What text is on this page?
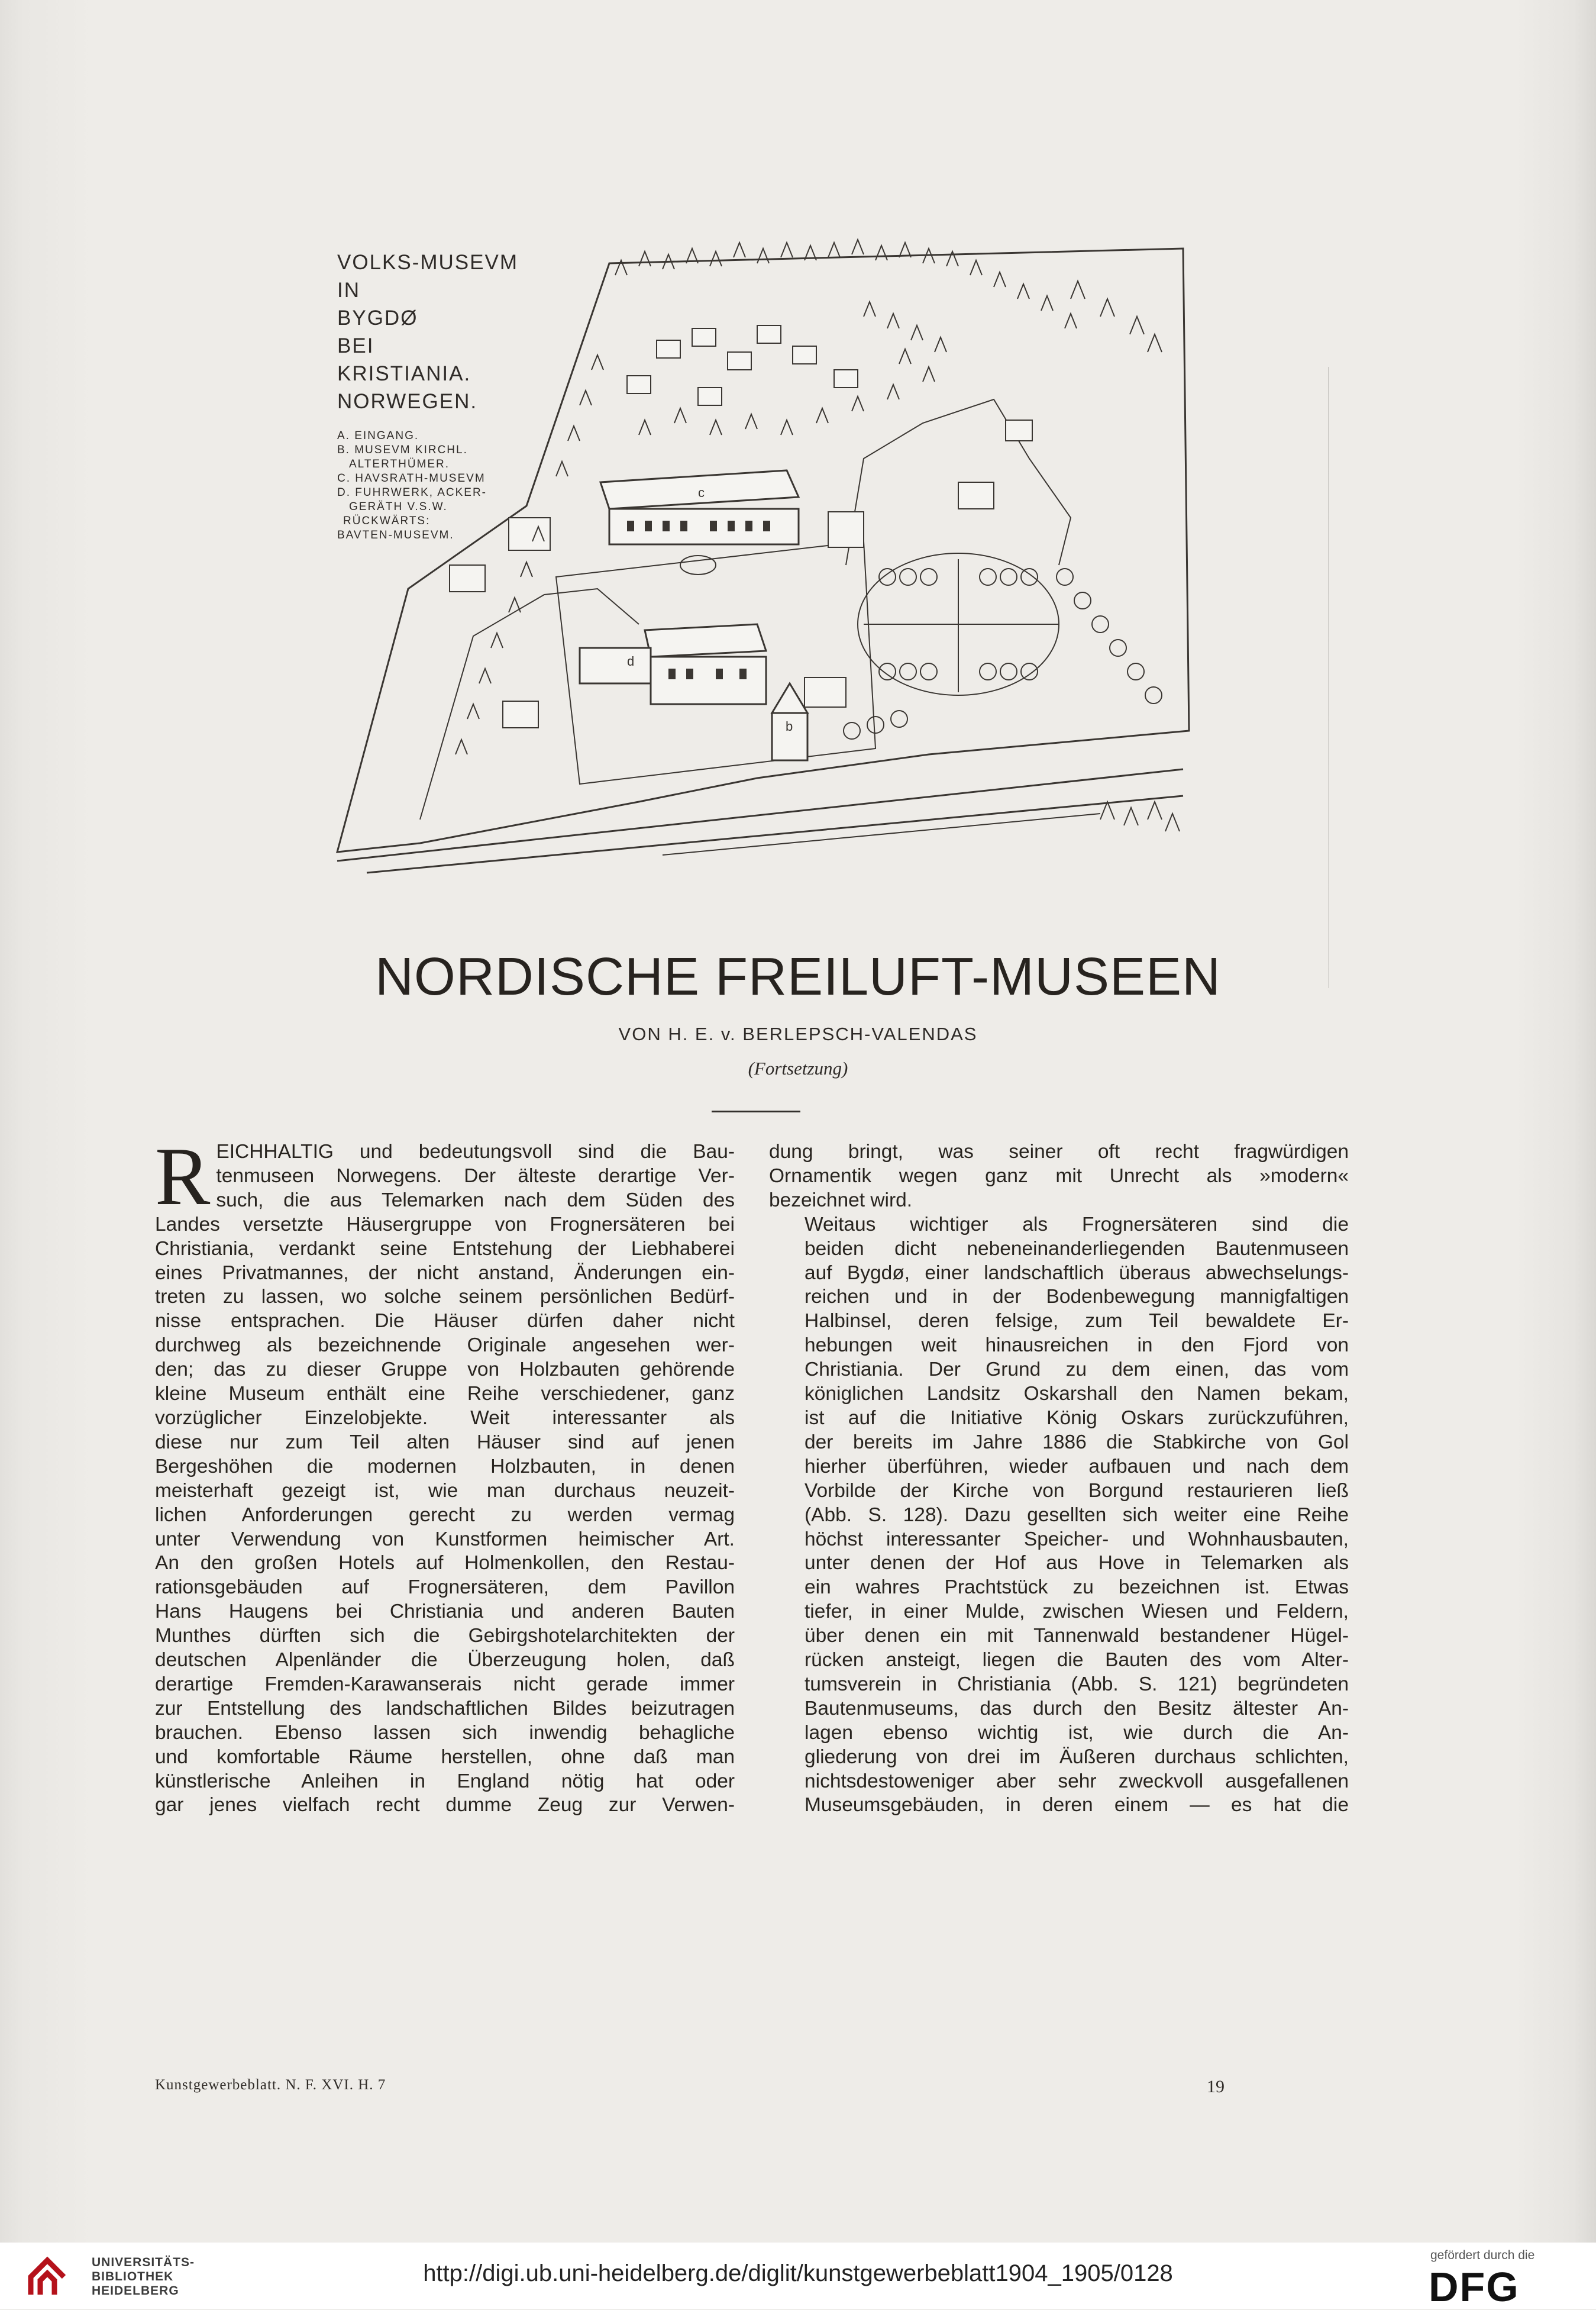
c
d
b
VOLKS-MUSEVM
IN
BYGDØ
BEI
KRISTIANIA.
NORWEGEN.
A. EINGANG.
B. MUSEVM KIRCHL.
ALTERTHÜMER.
C. HAVSRATH-MUSEVM
D. FUHRWERK, ACKER-
GERÄTH V.S.W.
RÜCKWÄRTS:
BAVTEN-MUSEVM.
NORDISCHE FREILUFT-MUSEEN
VON H. E. v. BERLEPSCH-VALENDAS
(Fortsetzung)

R EICHHALTIG und bedeutungsvoll sind die Bau-
tenmuseen Norwegens. Der älteste derartige Ver-
such, die aus Telemarken nach dem Süden des
Landes versetzte Häusergruppe von Frognersäteren bei
Christiania, verdankt seine Entstehung der Liebhaberei
eines Privatmannes, der nicht anstand, Änderungen ein-
treten zu lassen, wo solche seinem persönlichen Bedürf-
nisse entsprachen. Die Häuser dürfen daher nicht
durchweg als bezeichnende Originale angesehen wer-
den; das zu dieser Gruppe von Holzbauten gehörende
kleine Museum enthält eine Reihe verschiedener, ganz
vorzüglicher Einzelobjekte. Weit interessanter als
diese nur zum Teil alten Häuser sind auf jenen
Bergeshöhen die modernen Holzbauten, in denen
meisterhaft gezeigt ist, wie man durchaus neuzeit-
lichen Anforderungen gerecht zu werden vermag
unter Verwendung von Kunstformen heimischer Art.
An den großen Hotels auf Holmenkollen, den Restau-
rationsgebäuden auf Frognersäteren, dem Pavillon
Hans Haugens bei Christiania und anderen Bauten
Munthes dürften sich die Gebirgshotelarchitekten der
deutschen Alpenländer die Überzeugung holen, daß
derartige Fremden-Karawanserais nicht gerade immer
zur Entstellung des landschaftlichen Bildes beizutragen
brauchen. Ebenso lassen sich inwendig behagliche
und komfortable Räume herstellen, ohne daß man
künstlerische Anleihen in England nötig hat oder
gar jenes vielfach recht dumme Zeug zur Verwen-

dung bringt, was seiner oft recht fragwürdigen
Ornamentik wegen ganz mit Unrecht als »modern«
bezeichnet wird.

Weitaus wichtiger als Frognersäteren sind die
beiden dicht nebeneinanderliegenden Bautenmuseen
auf Bygdø, einer landschaftlich überaus abwechselungs-
reichen und in der Bodenbewegung mannigfaltigen
Halbinsel, deren felsige, zum Teil bewaldete Er-
hebungen weit hinausreichen in den Fjord von
Christiania. Der Grund zu dem einen, das vom
königlichen Landsitz Oskarshall den Namen bekam,
ist auf die Initiative König Oskars zurückzuführen,
der bereits im Jahre 1886 die Stabkirche von Gol
hierher überführen, wieder aufbauen und nach dem
Vorbilde der Kirche von Borgund restaurieren ließ
(Abb. S. 128). Dazu gesellten sich weiter eine Reihe
höchst interessanter Speicher- und Wohnhausbauten,
unter denen der Hof aus Hove in Telemarken als
ein wahres Prachtstück zu bezeichnen ist. Etwas
tiefer, in einer Mulde, zwischen Wiesen und Feldern,
über denen ein mit Tannenwald bestandener Hügel-
rücken ansteigt, liegen die Bauten des vom Alter-
tumsverein in Christiania (Abb. S. 121) begründeten
Bautenmuseums, das durch den Besitz ältester An-
lagen ebenso wichtig ist, wie durch die An-
gliederung von drei im Äußeren durchaus schlichten,
nichtsdestoweniger aber sehr zweckvoll ausgefallenen
Museumsgebäuden, in deren einem — es hat die

Kunstgewerbeblatt. N. F. XVI. H. 7	19
UNIVERSITÄTS-
BIBLIOTHEK
HEIDELBERG
http://digi.ub.uni-heidelberg.de/diglit/kunstgewerbeblatt1904_1905/0128
gefördert durch die
DFG
